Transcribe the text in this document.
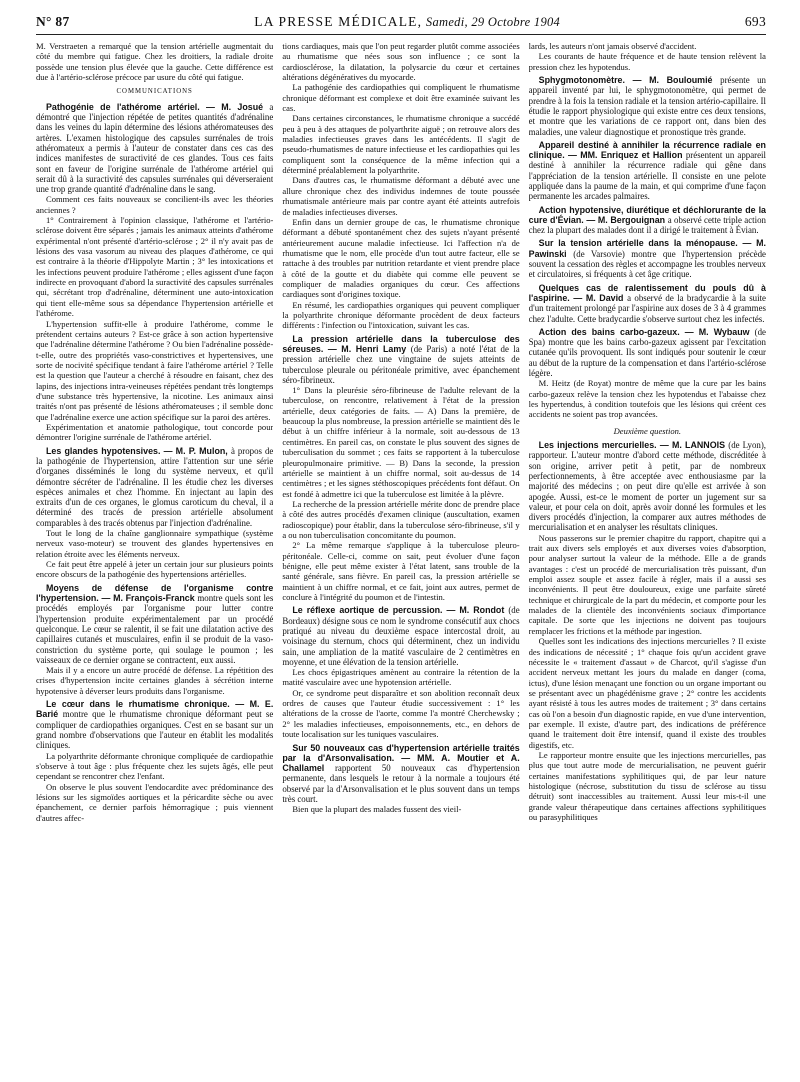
N° 87	LA PRESSE MÉDICALE, Samedi, 29 Octobre 1904	693

M. Verstraeten a remarqué que la tension artérielle augmentait du côté du membre qui fatigue. Chez les droitiers, la radiale droite possède une tension plus élevée que la gauche. Cette différence est due à l'artério-sclérose précoce par usure du côté qui fatigue.

COMMUNICATIONS

Pathogénie de l'athérome artériel. — M. Josué a démontré que l'injection répétée de petites quantités d'adrénaline dans les veines du lapin détermine des lésions athéromateuses des artères. L'examen histologique des capsules surrénales de trois athéromateux a permis à l'auteur de constater dans ces cas des indices manifestes de suractivité de ces glandes. Tous ces faits sont en faveur de l'origine surrénale de l'athérome artériel qui serait dû à la suractivité des capsules surrénales qui déverseraient une trop grande quantité d'adrénaline dans le sang.

Comment ces faits nouveaux se concilient-ils avec les théories anciennes ?

1° Contrairement à l'opinion classique, l'athérome et l'artério-sclérose doivent être séparés ; jamais les animaux atteints d'athérome expérimental n'ont présenté d'artério-sclérose ; 2° il n'y avait pas de lésions des vasa vasorum au niveau des plaques d'athérome, ce qui est contraire à la théorie d'Hippolyte Martin ; 3° les intoxications et les infections peuvent produire l'athérome ; elles agissent d'une façon indirecte en provoquant d'abord la suractivité des capsules surrénales qui, sécrétant trop d'adrénaline, déterminent une auto-intoxication qui tient elle-même sous sa dépendance l'hypertension artérielle et l'athérome.

L'hypertension suffit-elle à produire l'athérome, comme le prétendent certains auteurs ? Est-ce grâce à son action hypertensive que l'adrénaline détermine l'athérome ? Ou bien l'adrénaline possède-t-elle, outre des propriétés vaso-constrictives et hypertensives, une sorte de nocivité spécifique tendant à faire l'athérome artériel ? Telle est la question que l'auteur a cherché à résoudre en faisant, chez des lapins, des injections intra-veineuses répétées pendant très longtemps d'une substance très hypertensive, la nicotine. Les animaux ainsi traités n'ont pas présenté de lésions athéromateuses ; il semble donc que l'adrénaline exerce une action spécifique sur la paroi des artères.

Expérimentation et anatomie pathologique, tout concorde pour démontrer l'origine surrénale de l'athérome artériel.

Les glandes hypotensives. — M. P. Mulon, à propos de la pathogénie de l'hypertension, attire l'attention sur une série d'organes disséminés le long du système nerveux, et qu'il démontre sécréter de l'adrénaline. Il les étudie chez les diverses espèces animales et chez l'homme. En injectant au lapin des extraits d'un de ces organes, le glomus caroticum du cheval, il a déterminé des tracés de pression artérielle absolument comparables à des tracés obtenus par l'injection d'adrénaline.

Tout le long de la chaîne ganglionnaire sympathique (système nerveux vaso-moteur) se trouvent des glandes hypertensives en relation étroite avec les éléments nerveux.

Ce fait peut être appelé à jeter un certain jour sur plusieurs points encore obscurs de la pathogénie des hypertensions artérielles.

Moyens de défense de l'organisme contre l'hypertension. — M. François-Franck montre quels sont les procédés employés par l'organisme pour lutter contre l'hypertension produite expérimentalement par un procédé quelconque. Le cœur se ralentit, il se fait une dilatation active des capillaires cutanés et musculaires, enfin il se produit de la vaso-constriction du système porte, qui soulage le poumon ; les vaisseaux de ce dernier organe se contractent, eux aussi.

Mais il y a encore un autre procédé de défense. La répétition des crises d'hypertension incite certaines glandes à sécrétion interne hypotensive à déverser leurs produits dans l'organisme.

Le cœur dans le rhumatisme chronique. — M. E. Barié montre que le rhumatisme chronique déformant peut se compliquer de cardiopathies organiques. C'est en se basant sur un grand nombre d'observations que l'auteur en établit les modalités cliniques.

La polyarthrite déformante chronique compliquée de cardiopathie s'observe à tout âge : plus fréquente chez les sujets âgés, elle peut cependant se rencontrer chez l'enfant.

On observe le plus souvent l'endocardite avec prédominance des lésions sur les sigmoïdes aortiques et la péricardite sèche ou avec épanchement, ce dernier parfois hémorragique ; puis viennent d'autres affec-

tions cardiaques, mais que l'on peut regarder plutôt comme associées au rhumatisme que nées sous son influence ; ce sont la cardiosclérose, la dilatation, la polysarcie du cœur et certaines altérations dégénératives du myocarde.

La pathogénie des cardiopathies qui compliquent le rhumatisme chronique déformant est complexe et doit être examinée suivant les cas.

Dans certaines circonstances, le rhumatisme chronique a succédé peu à peu à des attaques de polyarthrite aiguë ; on retrouve alors des maladies infectieuses graves dans les antécédents. Il s'agit de pseudo-rhumatismes de nature infectieuse et les cardiopathies qui les compliquent sont la conséquence de la même infection qui a déterminé préalablement la polyarthrite.

Dans d'autres cas, le rhumatisme déformant a débuté avec une allure chronique chez des individus indemnes de toute poussée rhumatismale antérieure mais par contre ayant été atteints autrefois de maladies infectieuses diverses.

Enfin dans un dernier groupe de cas, le rhumatisme chronique déformant a débuté spontanément chez des sujets n'ayant présenté antérieurement aucune maladie infectieuse. Ici l'affection n'a de rhumatisme que le nom, elle procède d'un tout autre facteur, elle se rattache à des troubles par nutrition retardante et vient prendre place à côté de la goutte et du diabète qui comme elle peuvent se compliquer de maladies organiques du cœur. Ces affections cardiaques sont d'origines toxique.

En résumé, les cardiopathies organiques qui peuvent compliquer la polyarthrite chronique déformante procèdent de deux facteurs différents : l'infection ou l'intoxication, suivant les cas.

La pression artérielle dans la tuberculose des séreuses. — M. Henri Lamy (de Paris) a noté l'état de la pression artérielle chez une vingtaine de sujets atteints de tuberculose pleurale ou péritonéale primitive, avec épanchement séro-fibrineux.

1° Dans la pleurésie séro-fibrineuse de l'adulte relevant de la tuberculose, on rencontre, relativement à l'état de la pression artérielle, deux catégories de faits. — A) Dans la première, de beaucoup la plus nombreuse, la pression artérielle se maintient dès le début à un chiffre inférieur à la normale, soit au-dessous de 13 centimètres. En pareil cas, on constate le plus souvent des signes de tuberculisation du sommet ; ces faits se rapportent à la tuberculose pleuropulmonaire primitive. — B) Dans la seconde, la pression artérielle se maintient à un chiffre normal, soit au-dessus de 14 centimètres ; et les signes stéthoscopiques précédents font défaut. On est fondé à admettre ici que la tuberculose est limitée à la plèvre.

La recherche de la pression artérielle mérite donc de prendre place à côté des autres procédés d'examen clinique (auscultation, examen radioscopique) pour établir, dans la tuberculose séro-fibrineuse, s'il y a ou non tuberculisation concomitante du poumon.

2° La même remarque s'applique à la tuberculose pleuro-péritonéale. Celle-ci, comme on sait, peut évoluer d'une façon bénigne, elle peut même exister à l'état latent, sans trouble de la santé générale, sans fièvre. En pareil cas, la pression artérielle se maintient à un chiffre normal, et ce fait, joint aux autres, permet de conclure à l'intégrité du poumon et de l'intestin.

Le réflexe aortique de percussion. — M. Rondot (de Bordeaux) désigne sous ce nom le syndrome consécutif aux chocs pratiqué au niveau du deuxième espace intercostal droit, au voisinage du sternum, chocs qui déterminent, chez un individu sain, une ampliation de la matité vasculaire de 2 centimètres en moyenne, et une élévation de la tension artérielle.

Les chocs épigastriques amènent au contraire la rétention de la matité vasculaire avec une hypotension artérielle.

Or, ce syndrome peut disparaître et son abolition reconnaît deux ordres de causes que l'auteur étudie successivement : 1° les altérations de la crosse de l'aorte, comme l'a montré Cherchewsky ; 2° les maladies infectieuses, empoisonnements, etc., en dehors de toute localisation sur les tuniques vasculaires.

Sur 50 nouveaux cas d'hypertension artérielle traités par la d'Arsonvalisation. — MM. A. Moutier et A. Challamel rapportent 50 nouveaux cas d'hypertension permanente, dans lesquels le retour à la normale a toujours été observé par la d'Arsonvalisation et le plus souvent dans un temps très court.

Bien que la plupart des malades fussent des vieil-

lards, les auteurs n'ont jamais observé d'accident.

Les courants de haute fréquence et de haute tension relèvent la pression chez les hypotendus.

Sphygmotonomètre. — M. Bouloumié présente un appareil inventé par lui, le sphygmotonomètre, qui permet de prendre à la fois la tension radiale et la tension artério-capillaire. Il étudie le rapport physiologique qui existe entre ces deux tensions, et montre que les variations de ce rapport ont, dans bien des maladies, une valeur diagnostique et pronostique très grande.
Appareil destiné à annihiler la récurrence radiale en clinique. — MM. Enriquez et Hallion présentent un appareil destiné à annihiler la récurrence radiale qui gêne dans l'appréciation de la tension artérielle. Il consiste en une pelote appliquée dans la paume de la main, et qui comprime d'une façon permanente les arcades palmaires.
Action hypotensive, diurétique et déchlorurante de la cure d'Évian. — M. Bergouignan a observé cette triple action chez la plupart des malades dont il a dirigé le traitement à Évian.
Sur la tension artérielle dans la ménopause. — M. Pawinski (de Varsovie) montre que l'hypertension précède souvent la cessation des règles et accompagne les troubles nerveux et circulatoires, si fréquents à cet âge critique.
Quelques cas de ralentissement du pouls dû à l'aspirine. — M. David a observé de la bradycardie à la suite d'un traitement prolongé par l'aspirine aux doses de 3 à 4 grammes chez l'adulte. Cette bradycardie s'observe surtout chez les infectés.
Action des bains carbo-gazeux. — M. Wybauw (de Spa) montre que les bains carbo-gazeux agissent par l'excitation cutanée qu'ils provoquent. Ils sont indiqués pour soutenir le cœur au début de la rupture de la compensation et dans l'artério-sclérose légère.

M. Heitz (de Royat) montre de même que la cure par les bains carbo-gazeux relève la tension chez les hypotendus et l'abaisse chez les hypertendus, à condition toutefois que les lésions qui créent ces accidents ne soient pas trop avancées.

Deuxième question.

Les injections mercurielles. — M. LANNOIS (de Lyon), rapporteur. L'auteur montre d'abord cette méthode, discréditée à son origine, arriver petit à petit, par de nombreux perfectionnements, à être acceptée avec enthousiasme par la majorité des médecins ; on peut dire qu'elle est arrivée à son apogée. Aussi, est-ce le moment de porter un jugement sur sa valeur, et pour cela on doit, après avoir donné les formules et les divers procédés d'injection, la comparer aux autres méthodes de mercurialisation et en analyser les résultats cliniques.

Nous passerons sur le premier chapitre du rapport, chapitre qui a trait aux divers sels employés et aux diverses voies d'absorption, pour analyser surtout la valeur de la méthode. Elle a de grands avantages : c'est un procédé de mercurialisation très puissant, d'un emploi assez souple et assez facile à régler, mais il a aussi ses inconvénients. Il peut être douloureux, exige une parfaite sûreté technique et chirurgicale de la part du médecin, et comporte pour les malades de la clientèle des inconvénients sociaux d'importance capitale. De sorte que les injections ne doivent pas toujours remplacer les frictions et la méthode par ingestion.

Quelles sont les indications des injections mercurielles ? Il existe des indications de nécessité ; 1° chaque fois qu'un accident grave nécessite le « traitement d'assaut » de Charcot, qu'il s'agisse d'un accident nerveux mettant les jours du malade en danger (coma, ictus), d'une lésion menaçant une fonction ou un organe important ou se présentant avec un phagédénisme grave ; 2° contre les accidents ayant résisté à tous les autres modes de traitement ; 3° dans certains cas où l'on a besoin d'un diagnostic rapide, en vue d'une intervention, par exemple. Il existe, d'autre part, des indications de préférence quand le traitement doit être intensif, quand il existe des troubles digestifs, etc.

Le rapporteur montre ensuite que les injections mercurielles, pas plus que tout autre mode de mercurialisation, ne peuvent guérir certaines manifestations syphilitiques qui, de par leur nature histologique (nécrose, substitution du tissu de sclérose au tissu détruit) sont inaccessibles au traitement. Aussi leur mis-t-il une grande valeur thérapeutique dans certaines affections syphilitiques ou parasyphilitiques
